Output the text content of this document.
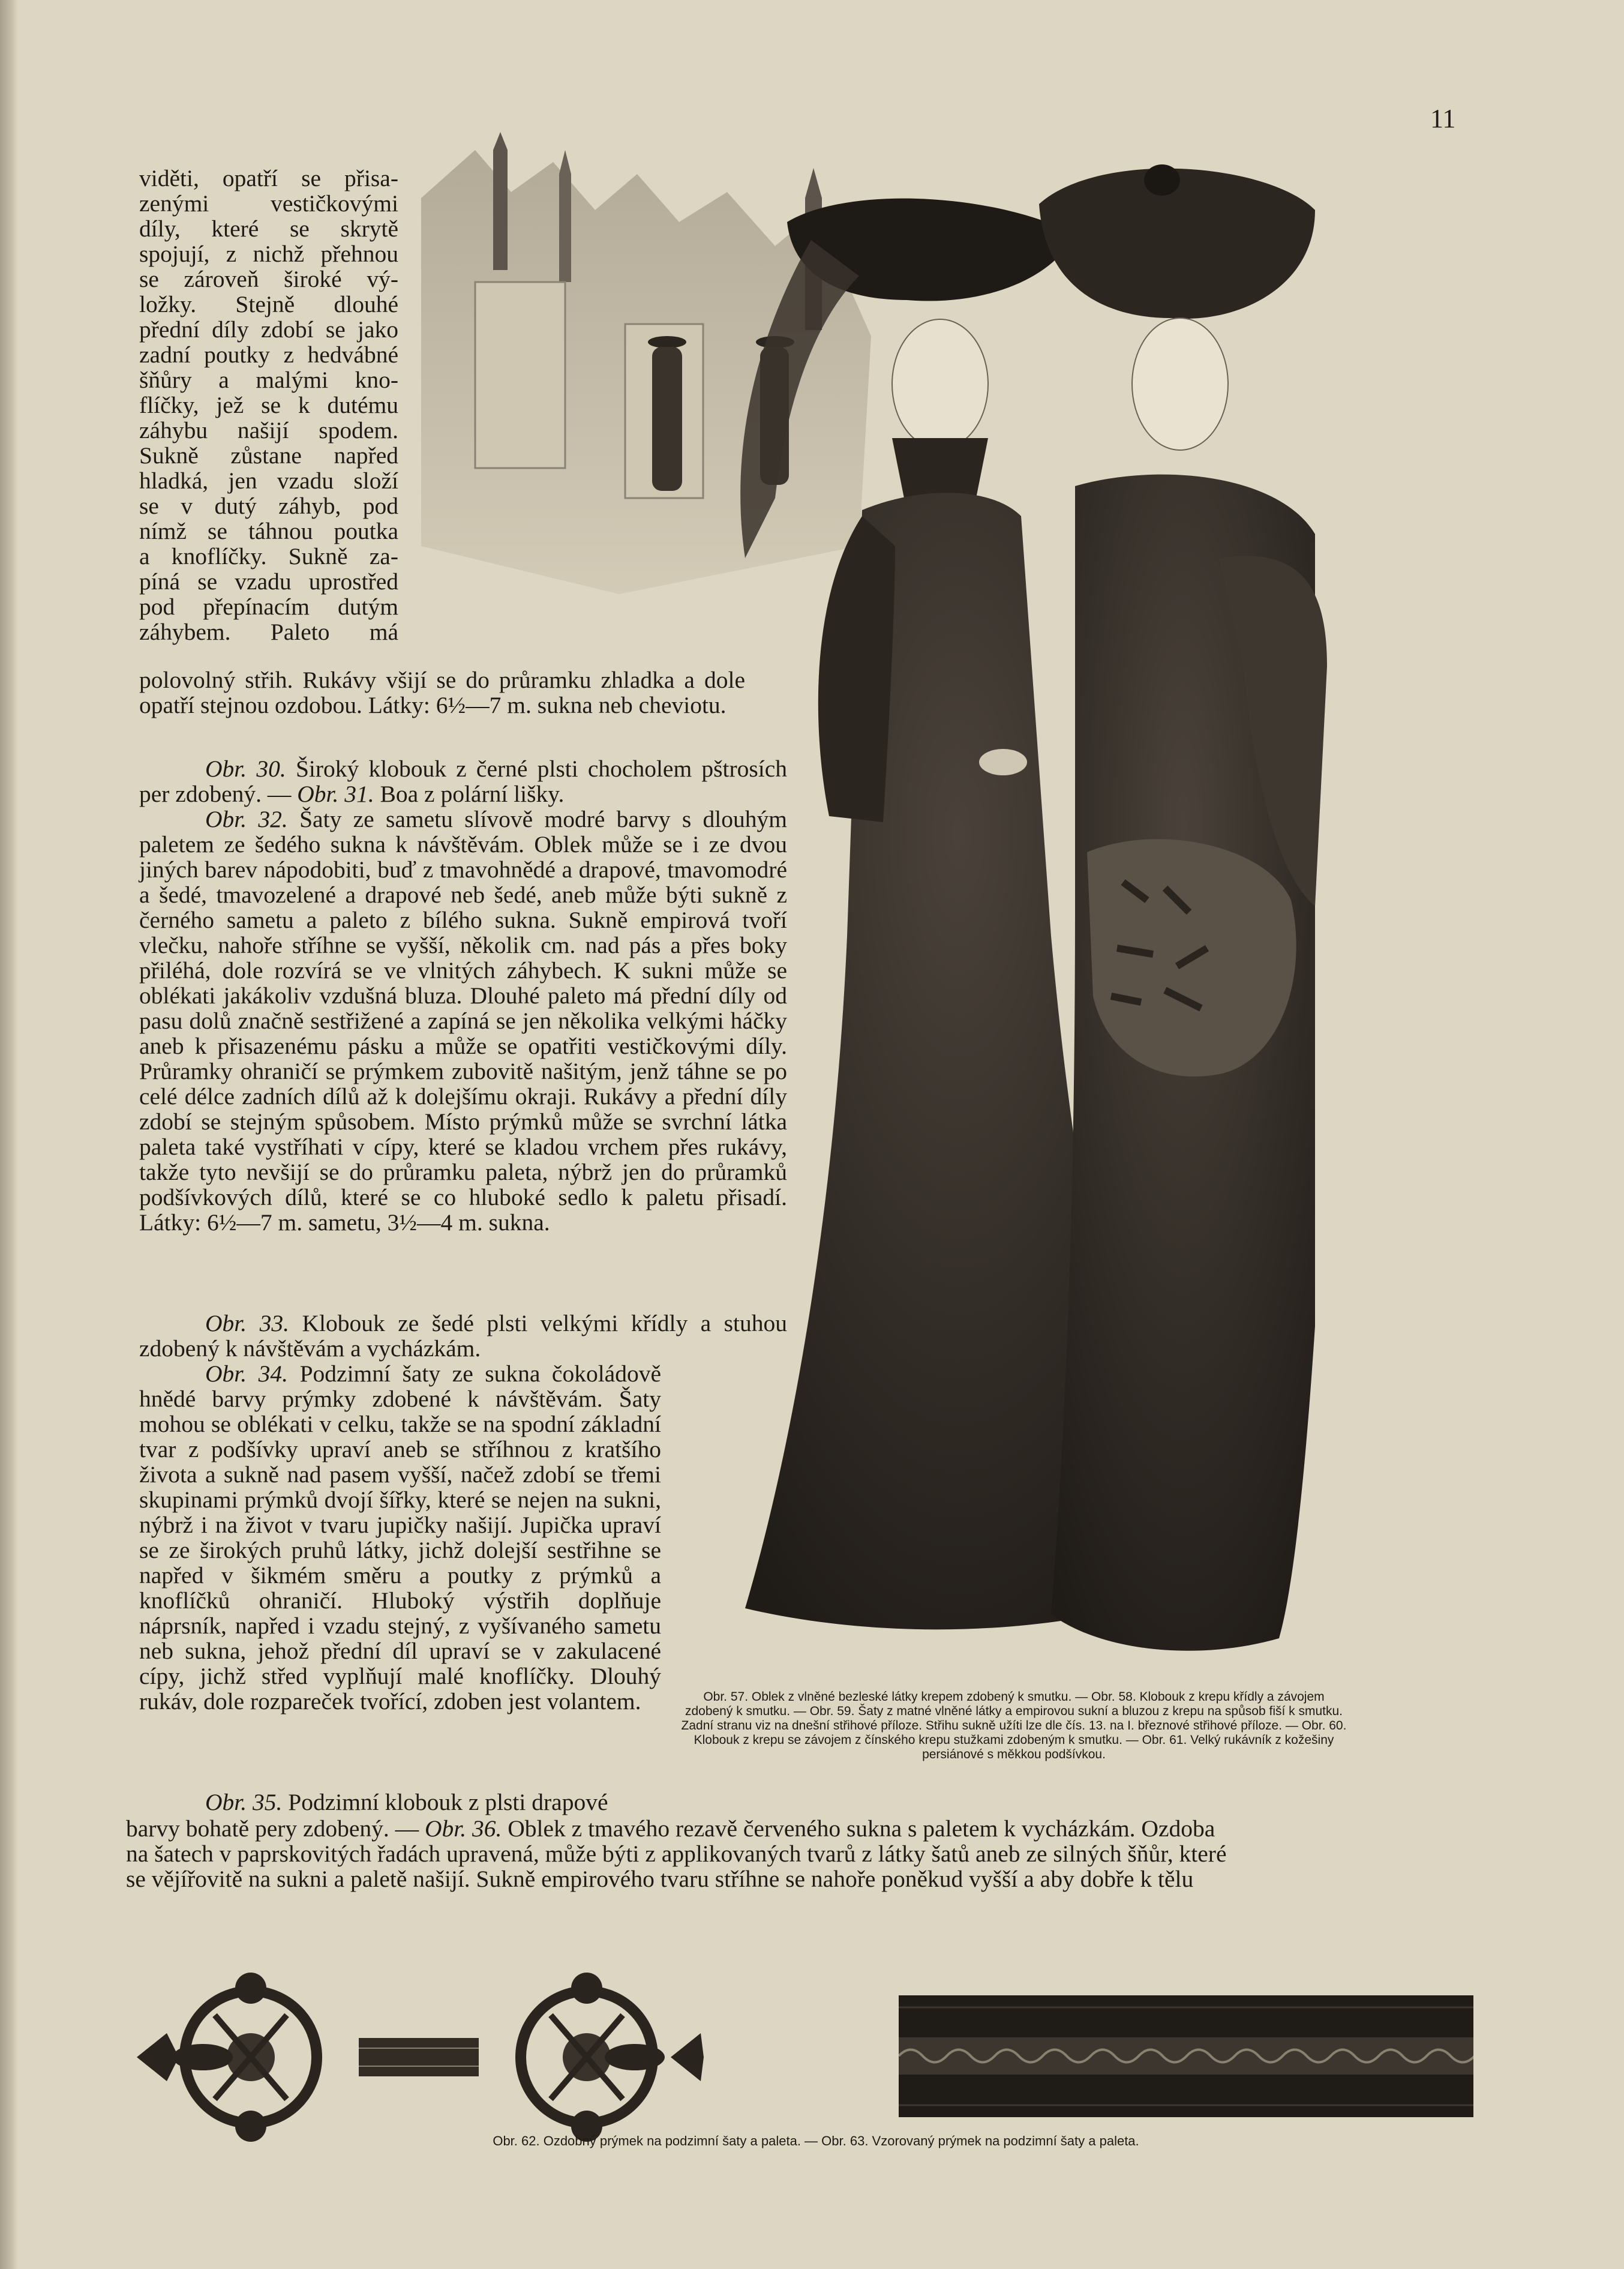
11

viděti, opatří se přisa-

zenými vestičkovými

díly, které se skrytě

spojují, z nichž přehnou

se zároveň široké vý-

ložky. Stejně dlouhé

přední díly zdobí se jako

zadní poutky z hedvábné

šňůry a malými kno-

flíčky, jež se k dutému

záhybu našijí spodem.

Sukně zůstane napřed

hladká, jen vzadu složí

se v dutý záhyb, pod

nímž se táhnou poutka

a knoflíčky. Sukně za-

píná se vzadu uprostřed

pod přepínacím dutým

záhybem. Paleto má

polovolný střih. Rukávy všijí se do průramku zhladka a dole opatří stejnou ozdobou. Látky: 6½—7 m. sukna neb cheviotu.

Obr. 30. Široký klobouk z černé plsti chocholem pštrosích per zdobený. — Obr. 31. Boa z polární lišky.

Obr. 32. Šaty ze sametu slívově modré barvy s dlouhým paletem ze šedého sukna k návštěvám. Oblek může se i ze dvou jiných barev nápodobiti, buď z tmavohnědé a drapové, tmavomodré a šedé, tmavozelené a drapové neb šedé, aneb může býti sukně z černého sametu a paleto z bílého sukna. Sukně empirová tvoří vlečku, nahoře stříhne se vyšší, několik cm. nad pás a přes boky přiléhá, dole rozvírá se ve vlnitých záhybech. K sukni může se oblékati jakákoliv vzdušná bluza. Dlouhé paleto má přední díly od pasu dolů značně sestřižené a zapíná se jen několika velkými háčky aneb k přisazenému pásku a může se opatřiti vestičkovými díly. Průramky ohraničí se prýmkem zubovitě našitým, jenž táhne se po celé délce zadních dílů až k dolejšímu okraji. Rukávy a přední díly zdobí se stejným spůsobem. Místo prýmků může se svrchní látka paleta také vystříhati v cípy, které se kladou vrchem přes rukávy, takže tyto nevšijí se do průramku paleta, nýbrž jen do průramků podšívkových dílů, které se co hluboké sedlo k paletu přisadí. Látky: 6½—7 m. sametu, 3½—4 m. sukna.

Obr. 33. Klobouk ze šedé plsti velkými křídly a stuhou zdobený k návštěvám a vycházkám.

Obr. 34. Podzimní šaty ze sukna čokoládově hnědé barvy prýmky zdobené k návštěvám. Šaty mohou se oblékati v celku, takže se na spodní základní tvar z podšívky upraví aneb se stříhnou z kratšího života a sukně nad pasem vyšší, načež zdobí se třemi skupinami prýmků dvojí šířky, které se nejen na sukni, nýbrž i na život v tvaru jupičky našijí. Jupička upraví se ze širokých pruhů látky, jichž dolejší sestřihne se napřed v šikmém směru a poutky z prýmků a knoflíčků ohraničí. Hluboký výstřih doplňuje náprsník, napřed i vzadu stejný, z vyšívaného sametu neb sukna, jehož přední díl upraví se v zakulacené cípy, jichž střed vyplňují malé knoflíčky. Dlouhý rukáv, dole rozpareček tvořící, zdoben jest volantem.

Obr. 35. Podzimní klobouk z plsti drapové

Obr. 57. Oblek z vlněné bezleské látky krepem zdobený k smutku. — Obr. 58. Klobouk z krepu křídly a závojem zdobený k smutku. — Obr. 59. Šaty z matné vlněné látky a empirovou sukní a bluzou z krepu na spůsob fiší k smutku. Zadní stranu viz na dnešní střihové příloze. Střihu sukně užíti lze dle čís. 13. na I. březnové střihové příloze. — Obr. 60. Klobouk z krepu se závojem z čínského krepu stužkami zdobeným k smutku. — Obr. 61. Velký rukávník z kožešiny persiánové s měkkou podšívkou.

barvy bohatě pery zdobený. — Obr. 36. Oblek z tmavého rezavě červeného sukna s paletem k vycházkám. Ozdoba

na šatech v paprskovitých řadách upravená, může býti z applikovaných tvarů z látky šatů aneb ze silných šňůr, které

se vějířovitě na sukni a paletě našijí. Sukně empirového tvaru stříhne se nahoře poněkud vyšší a aby dobře k tělu

Obr. 62. Ozdobný prýmek na podzimní šaty a paleta. — Obr. 63. Vzorovaný prýmek na podzimní šaty a paleta.
